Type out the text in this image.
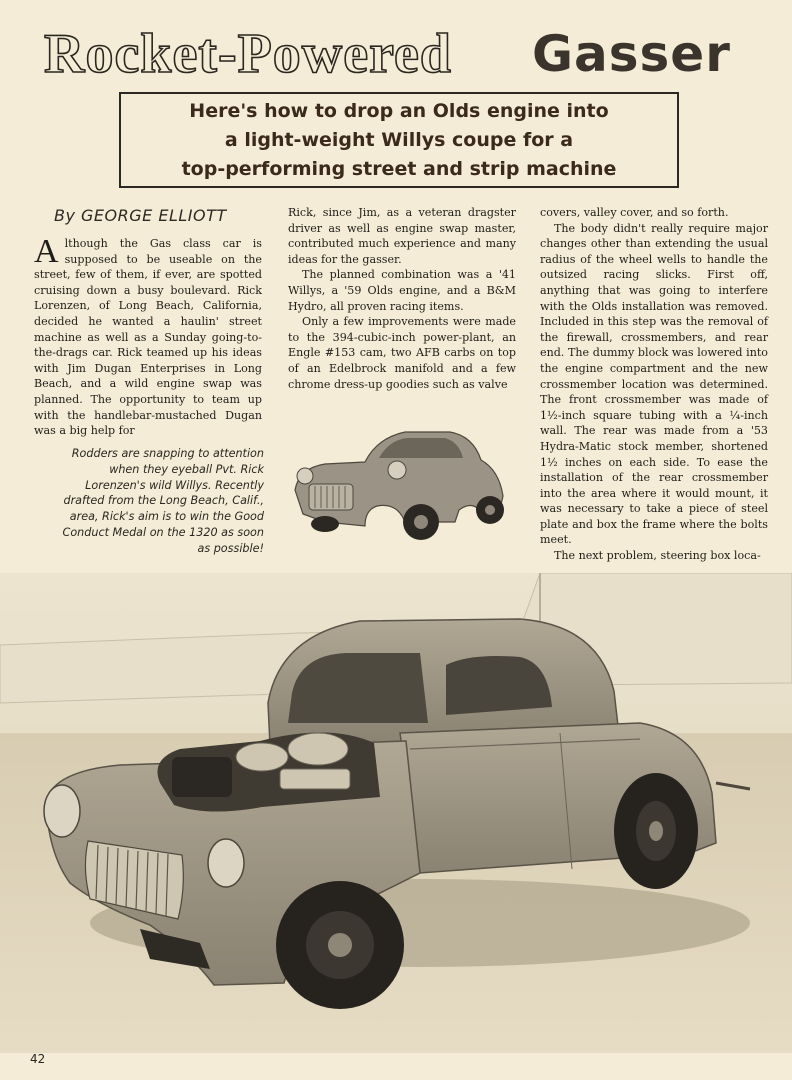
Rocket-Powered	Gasser

Here's how to drop an Olds engine into
a light-weight Willys coupe for a
top-performing street and strip machine

By GEORGE ELLIOTT

Although the Gas class car is supposed to be useable on the street, few of them, if ever, are spotted cruising down a busy boulevard. Rick Lorenzen, of Long Beach, California, decided he wanted a haulin' street machine as well as a Sunday going-to-the-drags car. Rick teamed up his ideas with Jim Dugan Enterprises in Long Beach, and a wild engine swap was planned. The opportunity to team up with the handlebar-mustached Dugan was a big help for

Rodders are snapping to attention when they eyeball Pvt. Rick Lorenzen's wild Willys. Recently drafted from the Long Beach, Calif., area, Rick's aim is to win the Good Conduct Medal on the 1320 as soon as possible!

Rick, since Jim, as a veteran dragster driver as well as engine swap master, contributed much experience and many ideas for the gasser.

The planned combination was a '41 Willys, a '59 Olds engine, and a B&M Hydro, all proven racing items.

Only a few improvements were made to the 394-cubic-inch power-plant, an Engle #153 cam, two AFB carbs on top of an Edelbrock manifold and a few chrome dress-up goodies such as valve

covers, valley cover, and so forth.

The body didn't really require major changes other than extending the usual radius of the wheel wells to handle the outsized racing slicks. First off, anything that was going to interfere with the Olds installation was removed. Included in this step was the removal of the firewall, crossmembers, and rear end. The dummy block was lowered into the engine compartment and the new crossmember location was determined. The front crossmember was made of 1½-inch square tubing with a ¼-inch wall. The rear was made from a '53 Hydra-Matic stock member, shortened 1½ inches on each side. To ease the installation of the rear crossmember into the area where it would mount, it was necessary to take a piece of steel plate and box the frame where the bolts meet.

The next problem, steering box loca-

42
